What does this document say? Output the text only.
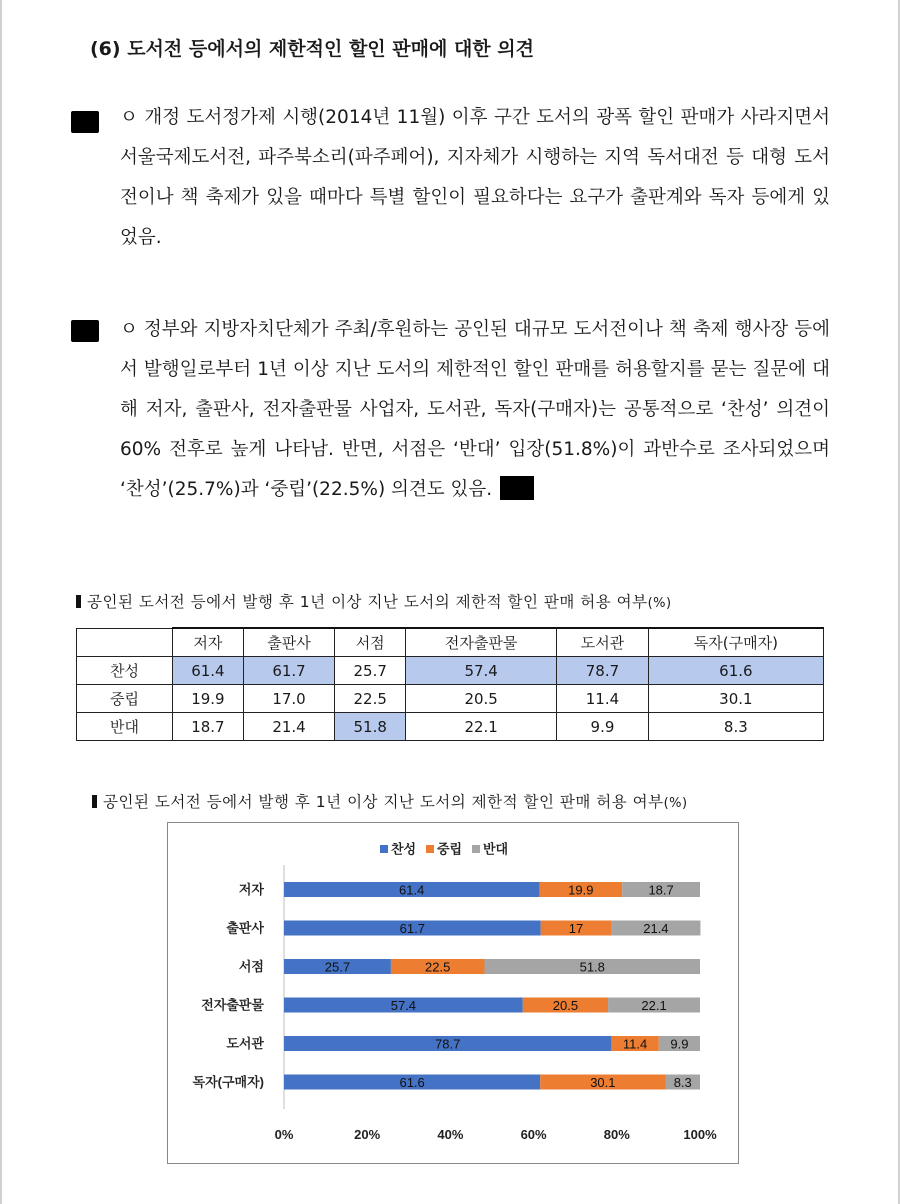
(6) 도서전 등에서의 제한적인 할인 판매에 대한 의견
ㅇ 개정 도서정가제 시행(2014년 11월) 이후 구간 도서의 광폭 할인 판매가 사라지면서 서울국제도서전, 파주북소리(파주페어), 지자체가 시행하는 지역 독서대전 등 대형 도서전이나 책 축제가 있을 때마다 특별 할인이 필요하다는 요구가 출판계와 독자 등에게 있었음.
ㅇ 정부와 지방자치단체가 주최/후원하는 공인된 대규모 도서전이나 책 축제 행사장 등에서 발행일로부터 1년 이상 지난 도서의 제한적인 할인 판매를 허용할지를 묻는 질문에 대해 저자, 출판사, 전자출판물 사업자, 도서관, 독자(구매자)는 공통적으로 ‘찬성’ 의견이 60% 전후로 높게 나타남. 반면, 서점은 ‘반대’ 입장(51.8%)이 과반수로 조사되었으며 ‘찬성’(25.7%)과 ‘중립’(22.5%) 의견도 있음.
공인된 도서전 등에서 발행 후 1년 이상 지난 도서의 제한적 할인 판매 허용 여부(%)
	저자	출판사	서점	전자출판물	도서관	독자(구매자)
찬성	61.4	61.7	25.7	57.4	78.7	61.6
중립	19.9	17.0	22.5	20.5	11.4	30.1
반대	18.7	21.4	51.8	22.1	9.9	8.3
공인된 도서전 등에서 발행 후 1년 이상 지난 도서의 제한적 할인 판매 허용 여부(%)
찬성 중립 반대
저자	61.4	19.9	18.7
출판사	61.7	17	21.4
서점	25.7	22.5	51.8
전자출판물	57.4	20.5	22.1
도서관	78.7	11.4 9.9
독자(구매자)	61.6	30.1	8.3
0%	20%	40%	60%	80%	100%
